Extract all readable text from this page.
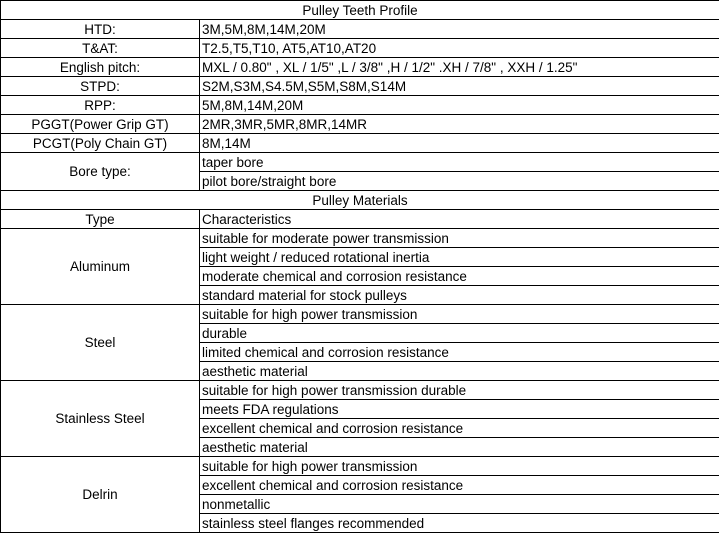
Pulley Teeth Profile	
HTD:	3M,5M,8M,14M,20M
T&AT:	T2.5,T5,T10, AT5,AT10,AT20
English pitch:	MXL / 0.80" , XL / 1/5" ,L / 3/8" ,H / 1/2" .XH / 7/8" , XXH / 1.25"
STPD:	S2M,S3M,S4.5M,S5M,S8M,S14M
RPP:	5M,8M,14M,20M
PGGT(Power Grip GT)	2MR,3MR,5MR,8MR,14MR
PCGT(Poly Chain GT)	8M,14M
Bore type:	taper bore
	pilot bore/straight bore
Pulley Materials	
Type	Characteristics
Aluminum	suitable for moderate power transmission
	light weight / reduced rotational inertia
	moderate chemical and corrosion resistance
	standard material for stock pulleys
Steel	suitable for high power transmission
	durable
	limited chemical and corrosion resistance
	aesthetic material
Stainless Steel	suitable for high power transmission durable
	meets FDA regulations
	excellent chemical and corrosion resistance
	aesthetic material
Delrin	suitable for high power transmission
	excellent chemical and corrosion resistance
	nonmetallic
	stainless steel flanges recommended
